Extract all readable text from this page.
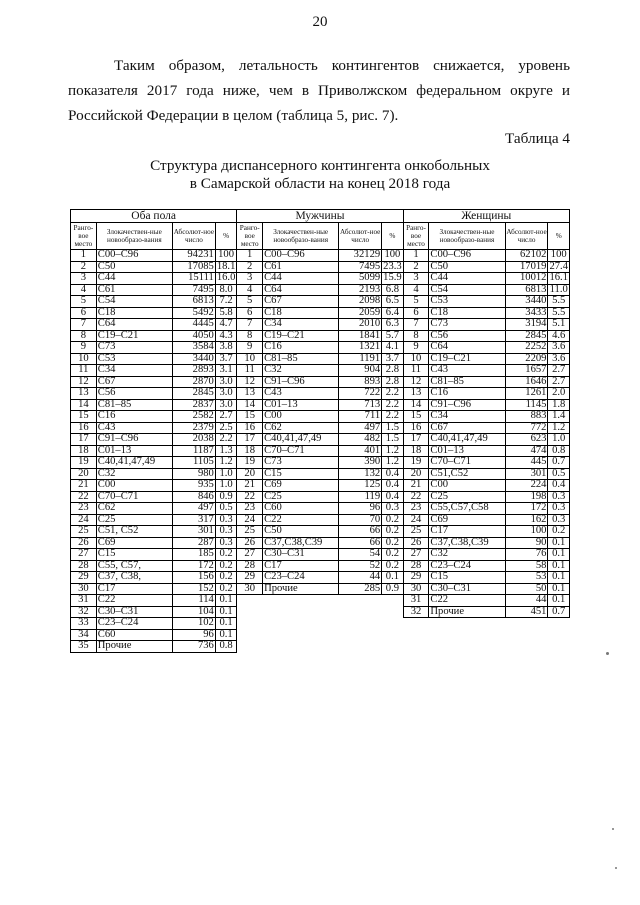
20
Таким образом, летальность контингентов снижается, уровень
показателя 2017 года ниже, чем в Приволжском федеральном округе и
Российской Федерации в целом (таблица 5, рис. 7).
Таблица 4
Структура диспансерного контингента онкобольных
в Самарской области на конец 2018 года
Оба пола				Мужчины				Женщины			
Ранго-вое место	Злокачествен-ные новообразо-вания	Абсолют-ное число	%	Ранго-вое место	Злокачествен-ные новообразо-вания	Абсолют-ное число	%	Ранго-вое место	Злокачествен-ные новообразо-вания	Абсолют-ное число	%
1	С00–С96	94231	100	1	С00–С96	32129	100	1	С00–С96	62102	100
2	С50	17085	18.1	2	С61	7495	23.3	2	С50	17019	27.4
3	С44	15111	16.0	3	С44	5099	15.9	3	С44	10012	16.1
4	С61	7495	8.0	4	С64	2193	6.8	4	С54	6813	11.0
5	С54	6813	7.2	5	С67	2098	6.5	5	С53	3440	5.5
6	С18	5492	5.8	6	С18	2059	6.4	6	С18	3433	5.5
7	С64	4445	4.7	7	С34	2010	6.3	7	С73	3194	5.1
8	С19–С21	4050	4.3	8	С19–С21	1841	5.7	8	С56	2845	4.6
9	С73	3584	3.8	9	С16	1321	4.1	9	С64	2252	3.6
10	С53	3440	3.7	10	С81–85	1191	3.7	10	С19–С21	2209	3.6
11	С34	2893	3.1	11	С32	904	2.8	11	С43	1657	2.7
12	С67	2870	3.0	12	С91–С96	893	2.8	12	С81–85	1646	2.7
13	С56	2845	3.0	13	С43	722	2.2	13	С16	1261	2.0
14	С81–85	2837	3.0	14	С01–13	713	2.2	14	С91–С96	1145	1.8
15	С16	2582	2.7	15	С00	711	2.2	15	С34	883	1.4
16	С43	2379	2.5	16	С62	497	1.5	16	С67	772	1.2
17	С91–С96	2038	2.2	17	С40,41,47,49	482	1.5	17	С40,41,47,49	623	1.0
18	С01–13	1187	1.3	18	С70–С71	401	1.2	18	С01–13	474	0.8
19	С40,41,47,49	1105	1.2	19	С73	390	1.2	19	С70–С71	445	0.7
20	С32	980	1.0	20	С15	132	0.4	20	С51,С52	301	0.5
21	С00	935	1.0	21	С69	125	0.4	21	С00	224	0.4
22	С70–С71	846	0.9	22	С25	119	0.4	22	С25	198	0.3
23	С62	497	0.5	23	С60	96	0.3	23	С55,С57,С58	172	0.3
24	С25	317	0.3	24	С22	70	0.2	24	С69	162	0.3
25	С51, С52	301	0.3	25	С50	66	0.2	25	С17	100	0.2
26	С69	287	0.3	26	С37,С38,С39	66	0.2	26	С37,С38,С39	90	0.1
27	С15	185	0.2	27	С30–С31	54	0.2	27	С32	76	0.1
28	С55, С57,	172	0.2	28	С17	52	0.2	28	С23–С24	58	0.1
29	С37, С38,	156	0.2	29	С23–С24	44	0.1	29	С15	53	0.1
30	С17	152	0.2	30	Прочие	285	0.9	30	С30–С31	50	0.1
31	С22	114	0.1					31	С22	44	0.1
32	С30–С31	104	0.1					32	Прочие	451	0.7
33	С23–С24	102	0.1								
34	С60	96	0.1								
35	Прочие	736	0.8								
